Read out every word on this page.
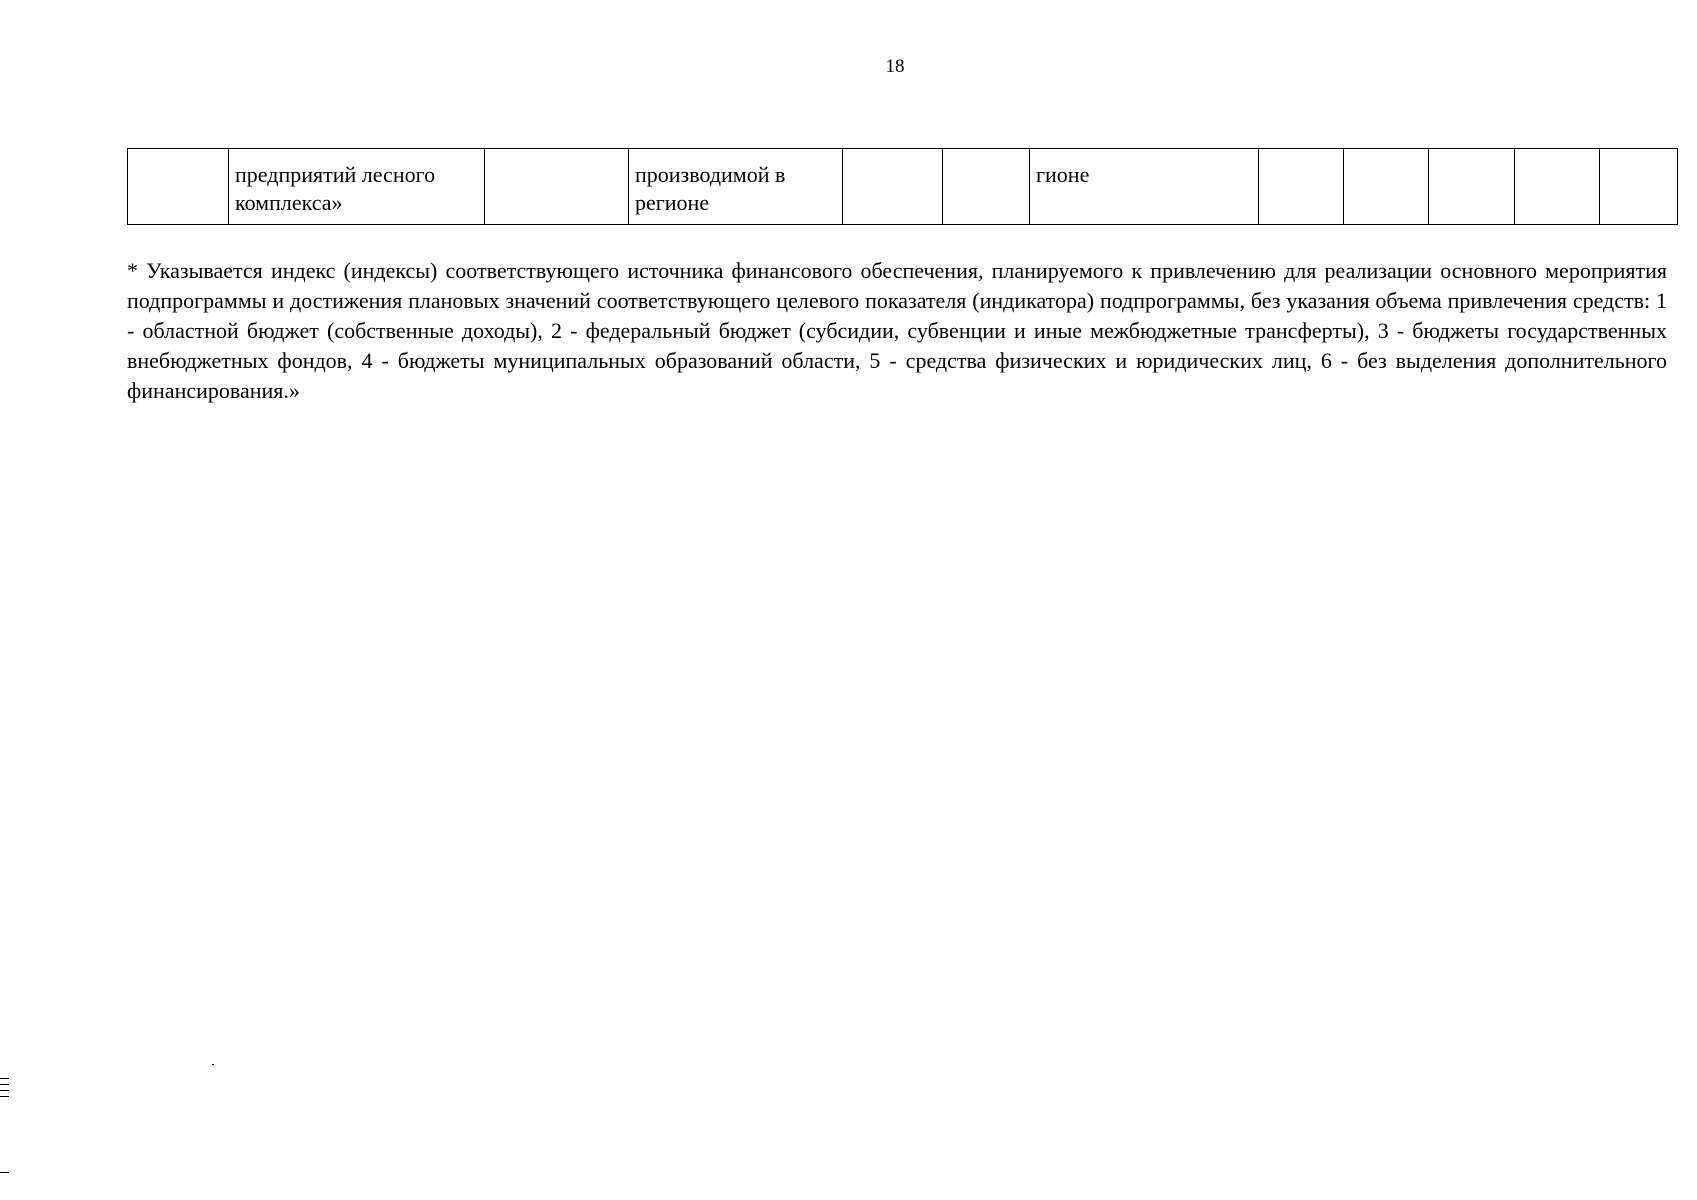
18
	предприятий лесного комплекса»		производимой в регионе			гионе					
* Указывается индекс (индексы) соответствующего источника финансового обеспечения, планируемого к привлечению для реализации основного мероприятия подпрограммы и достижения плановых значений соответствующего целевого показателя (индикатора) подпрограммы, без указания объема привлечения средств: 1 - областной бюджет (собственные доходы), 2 - федеральный бюджет (субсидии, субвенции и иные межбюджетные трансферты), 3 - бюджеты государственных внебюджетных фондов, 4 - бюджеты муниципальных образований области, 5 - средства физических и юридических лиц, 6 - без выделения дополнительного финансирования.»
